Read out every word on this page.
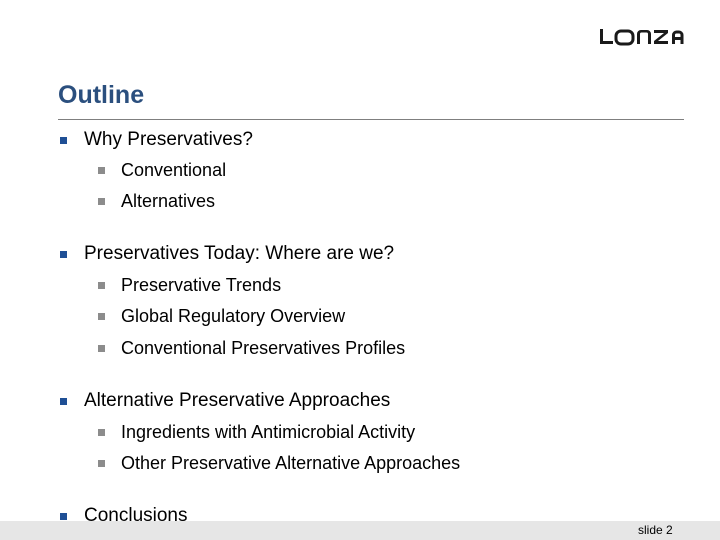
Outline
Why Preservatives?
Conventional
Alternatives
Preservatives Today: Where are we?
Preservative Trends
Global Regulatory Overview
Conventional Preservatives Profiles
Alternative Preservative Approaches
Ingredients with Antimicrobial Activity
Other Preservative Alternative Approaches
Conclusions
slide 2
